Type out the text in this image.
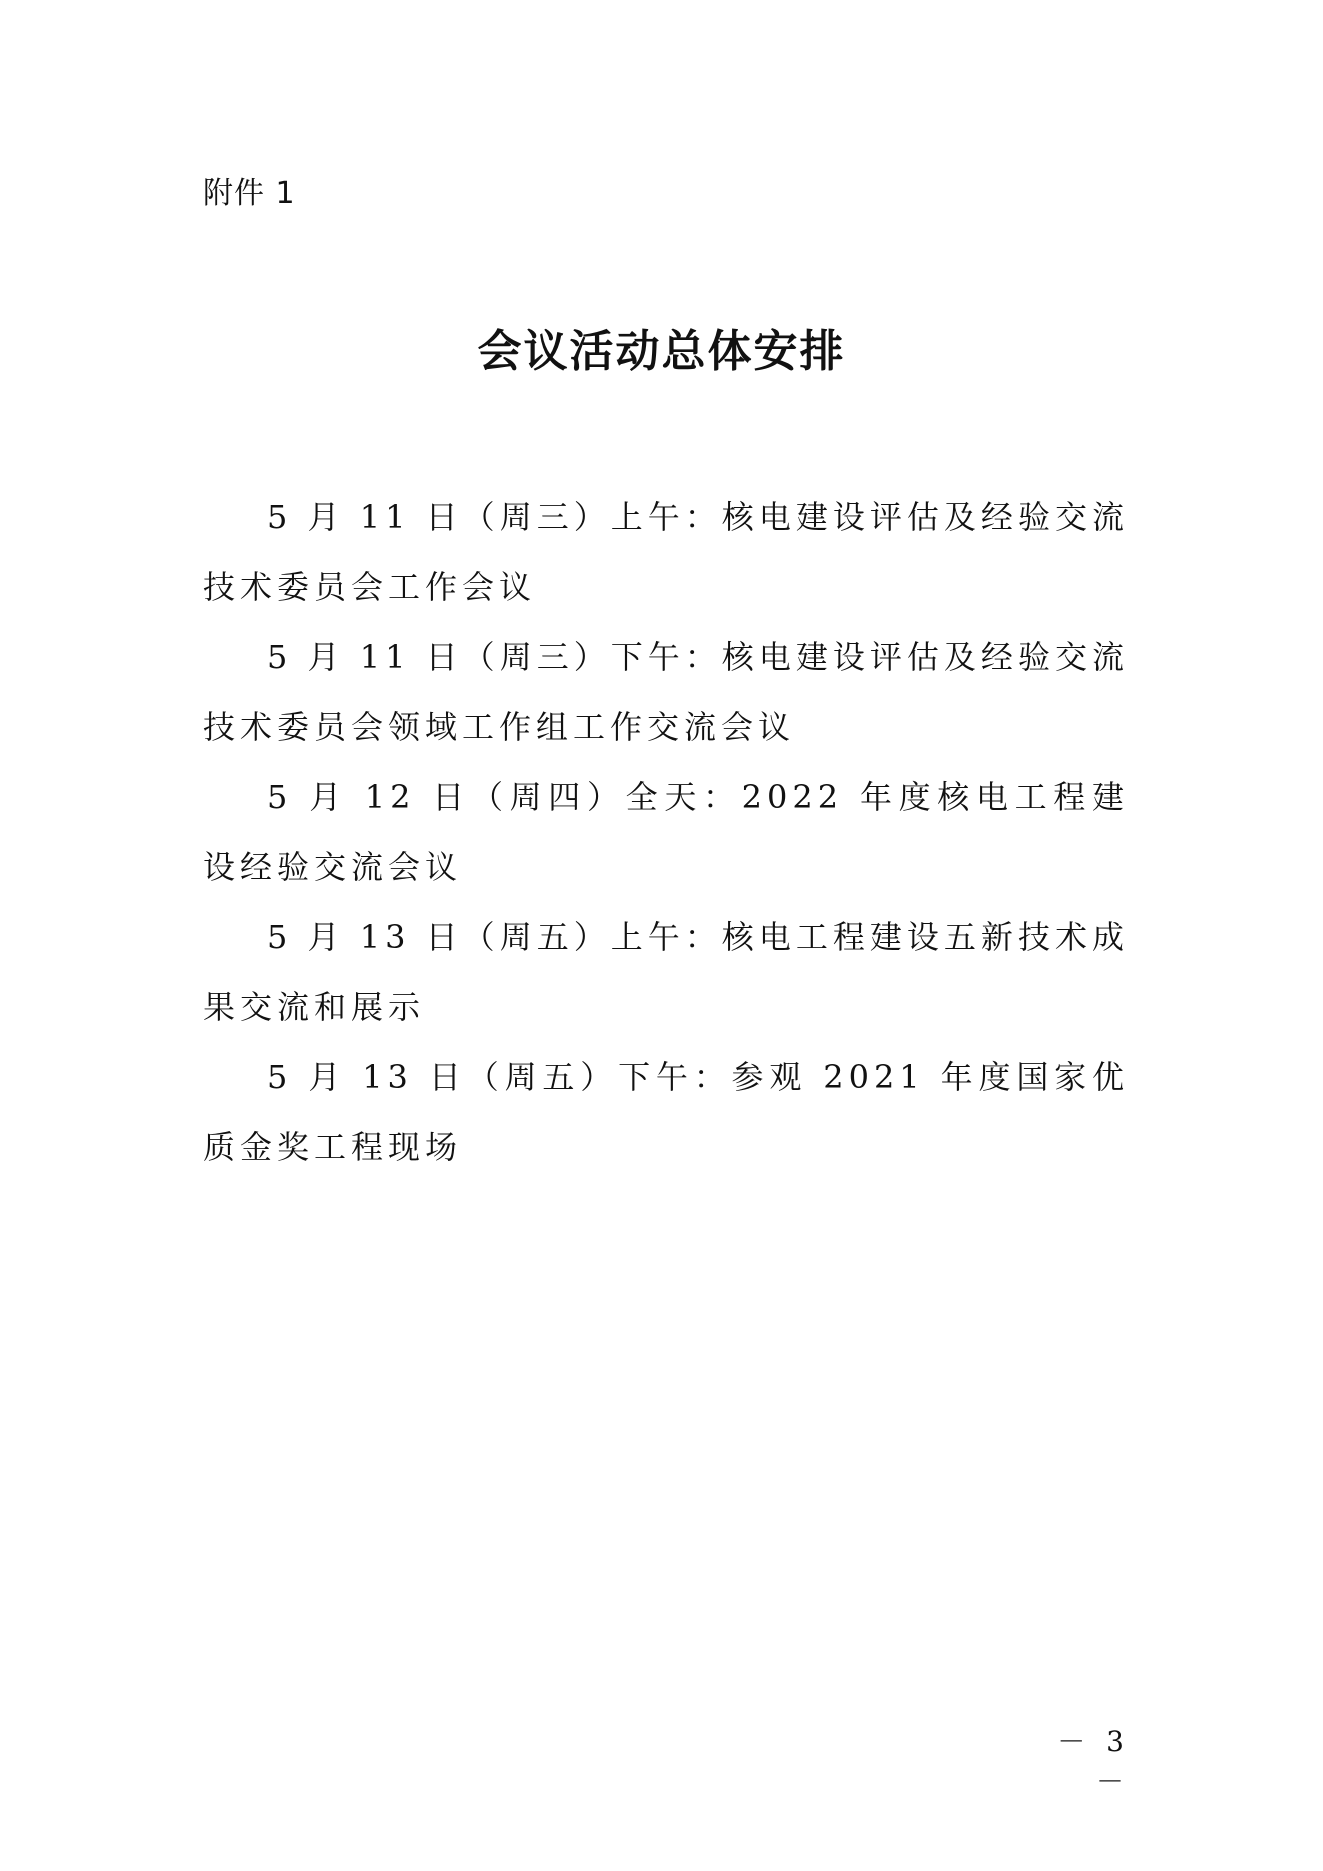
附件 1
会议活动总体安排

5 月 11 日（周三）上午：核电建设评估及经验交流技术委员会工作会议

5 月 11 日（周三）下午：核电建设评估及经验交流技术委员会领域工作组工作交流会议

5 月 12 日（周四）全天：2022 年度核电工程建设经验交流会议

5 月 13 日（周五）上午：核电工程建设五新技术成果交流和展示

5 月 13 日（周五）下午：参观 2021 年度国家优质金奖工程现场

－ 3 －
